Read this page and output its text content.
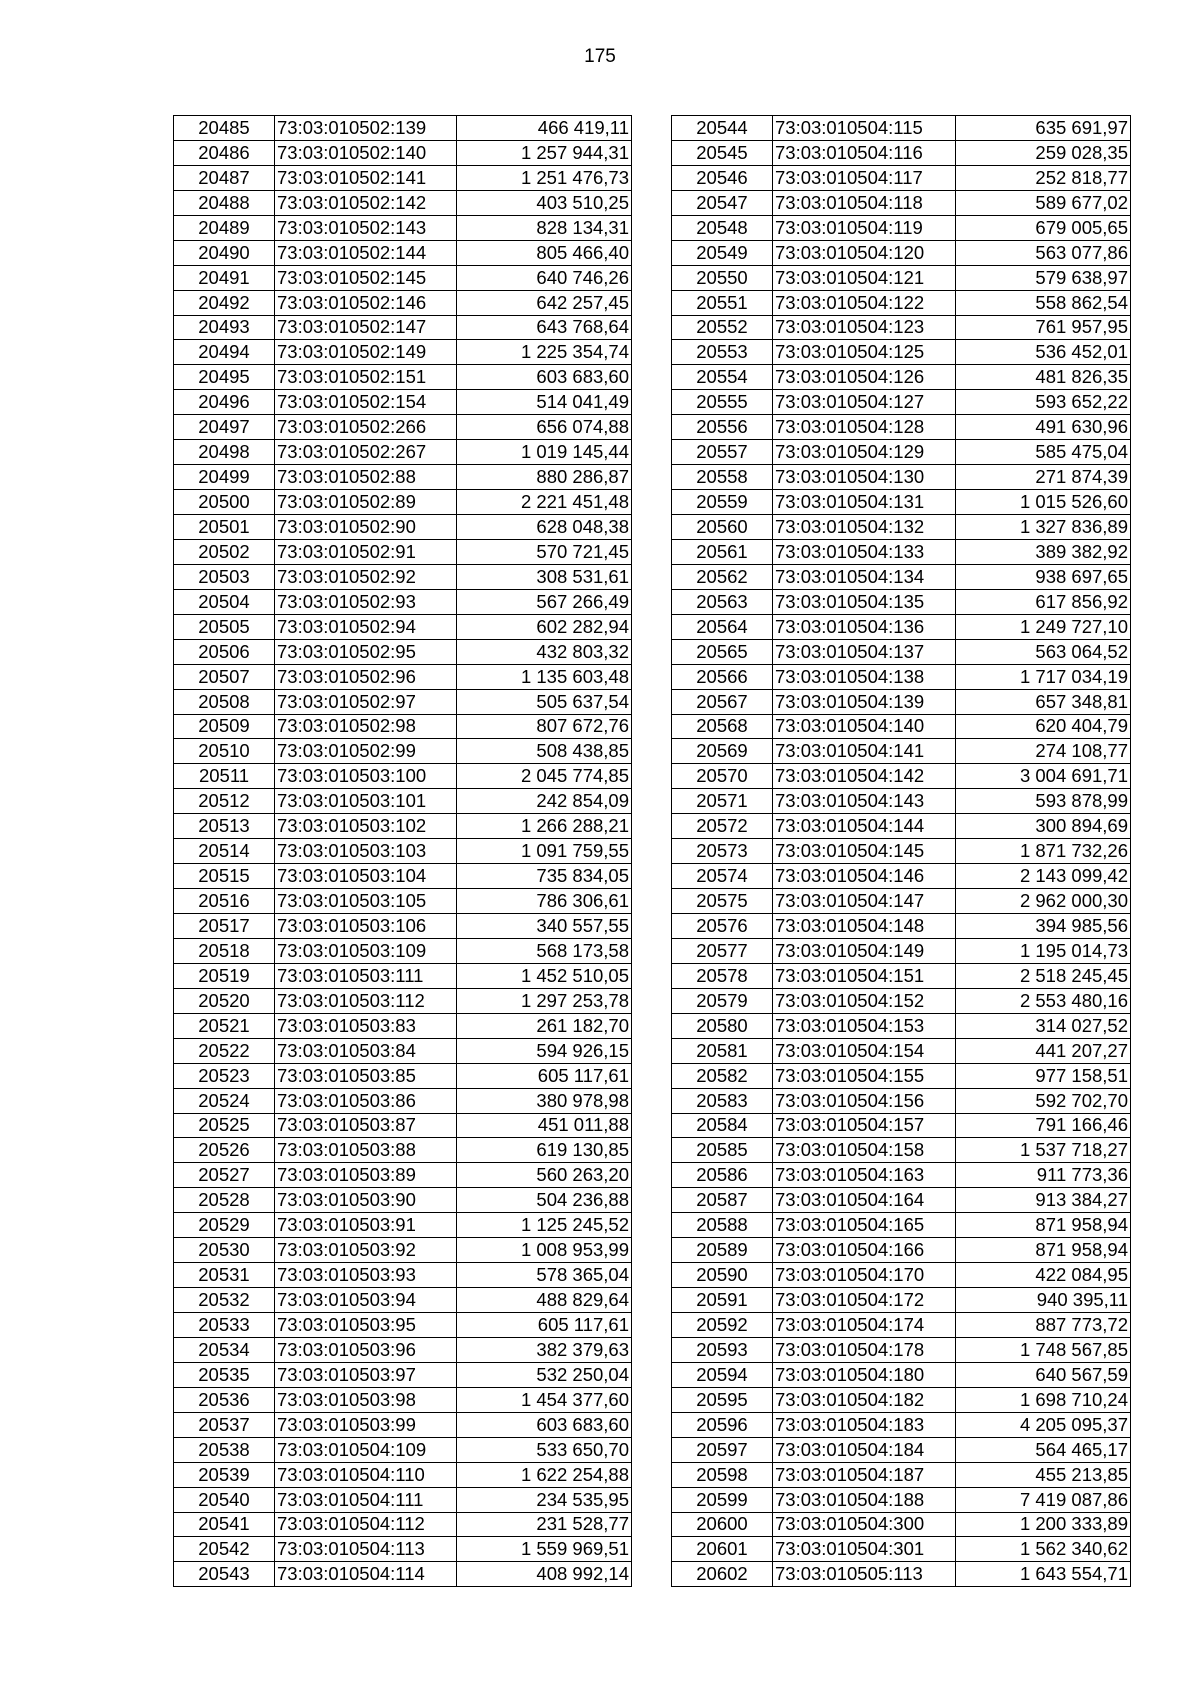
175
20485	73:03:010502:139	466 419,11
20486	73:03:010502:140	1 257 944,31
20487	73:03:010502:141	1 251 476,73
20488	73:03:010502:142	403 510,25
20489	73:03:010502:143	828 134,31
20490	73:03:010502:144	805 466,40
20491	73:03:010502:145	640 746,26
20492	73:03:010502:146	642 257,45
20493	73:03:010502:147	643 768,64
20494	73:03:010502:149	1 225 354,74
20495	73:03:010502:151	603 683,60
20496	73:03:010502:154	514 041,49
20497	73:03:010502:266	656 074,88
20498	73:03:010502:267	1 019 145,44
20499	73:03:010502:88	880 286,87
20500	73:03:010502:89	2 221 451,48
20501	73:03:010502:90	628 048,38
20502	73:03:010502:91	570 721,45
20503	73:03:010502:92	308 531,61
20504	73:03:010502:93	567 266,49
20505	73:03:010502:94	602 282,94
20506	73:03:010502:95	432 803,32
20507	73:03:010502:96	1 135 603,48
20508	73:03:010502:97	505 637,54
20509	73:03:010502:98	807 672,76
20510	73:03:010502:99	508 438,85
20511	73:03:010503:100	2 045 774,85
20512	73:03:010503:101	242 854,09
20513	73:03:010503:102	1 266 288,21
20514	73:03:010503:103	1 091 759,55
20515	73:03:010503:104	735 834,05
20516	73:03:010503:105	786 306,61
20517	73:03:010503:106	340 557,55
20518	73:03:010503:109	568 173,58
20519	73:03:010503:111	1 452 510,05
20520	73:03:010503:112	1 297 253,78
20521	73:03:010503:83	261 182,70
20522	73:03:010503:84	594 926,15
20523	73:03:010503:85	605 117,61
20524	73:03:010503:86	380 978,98
20525	73:03:010503:87	451 011,88
20526	73:03:010503:88	619 130,85
20527	73:03:010503:89	560 263,20
20528	73:03:010503:90	504 236,88
20529	73:03:010503:91	1 125 245,52
20530	73:03:010503:92	1 008 953,99
20531	73:03:010503:93	578 365,04
20532	73:03:010503:94	488 829,64
20533	73:03:010503:95	605 117,61
20534	73:03:010503:96	382 379,63
20535	73:03:010503:97	532 250,04
20536	73:03:010503:98	1 454 377,60
20537	73:03:010503:99	603 683,60
20538	73:03:010504:109	533 650,70
20539	73:03:010504:110	1 622 254,88
20540	73:03:010504:111	234 535,95
20541	73:03:010504:112	231 528,77
20542	73:03:010504:113	1 559 969,51
20543	73:03:010504:114	408 992,14
20544	73:03:010504:115	635 691,97
20545	73:03:010504:116	259 028,35
20546	73:03:010504:117	252 818,77
20547	73:03:010504:118	589 677,02
20548	73:03:010504:119	679 005,65
20549	73:03:010504:120	563 077,86
20550	73:03:010504:121	579 638,97
20551	73:03:010504:122	558 862,54
20552	73:03:010504:123	761 957,95
20553	73:03:010504:125	536 452,01
20554	73:03:010504:126	481 826,35
20555	73:03:010504:127	593 652,22
20556	73:03:010504:128	491 630,96
20557	73:03:010504:129	585 475,04
20558	73:03:010504:130	271 874,39
20559	73:03:010504:131	1 015 526,60
20560	73:03:010504:132	1 327 836,89
20561	73:03:010504:133	389 382,92
20562	73:03:010504:134	938 697,65
20563	73:03:010504:135	617 856,92
20564	73:03:010504:136	1 249 727,10
20565	73:03:010504:137	563 064,52
20566	73:03:010504:138	1 717 034,19
20567	73:03:010504:139	657 348,81
20568	73:03:010504:140	620 404,79
20569	73:03:010504:141	274 108,77
20570	73:03:010504:142	3 004 691,71
20571	73:03:010504:143	593 878,99
20572	73:03:010504:144	300 894,69
20573	73:03:010504:145	1 871 732,26
20574	73:03:010504:146	2 143 099,42
20575	73:03:010504:147	2 962 000,30
20576	73:03:010504:148	394 985,56
20577	73:03:010504:149	1 195 014,73
20578	73:03:010504:151	2 518 245,45
20579	73:03:010504:152	2 553 480,16
20580	73:03:010504:153	314 027,52
20581	73:03:010504:154	441 207,27
20582	73:03:010504:155	977 158,51
20583	73:03:010504:156	592 702,70
20584	73:03:010504:157	791 166,46
20585	73:03:010504:158	1 537 718,27
20586	73:03:010504:163	911 773,36
20587	73:03:010504:164	913 384,27
20588	73:03:010504:165	871 958,94
20589	73:03:010504:166	871 958,94
20590	73:03:010504:170	422 084,95
20591	73:03:010504:172	940 395,11
20592	73:03:010504:174	887 773,72
20593	73:03:010504:178	1 748 567,85
20594	73:03:010504:180	640 567,59
20595	73:03:010504:182	1 698 710,24
20596	73:03:010504:183	4 205 095,37
20597	73:03:010504:184	564 465,17
20598	73:03:010504:187	455 213,85
20599	73:03:010504:188	7 419 087,86
20600	73:03:010504:300	1 200 333,89
20601	73:03:010504:301	1 562 340,62
20602	73:03:010505:113	1 643 554,71
